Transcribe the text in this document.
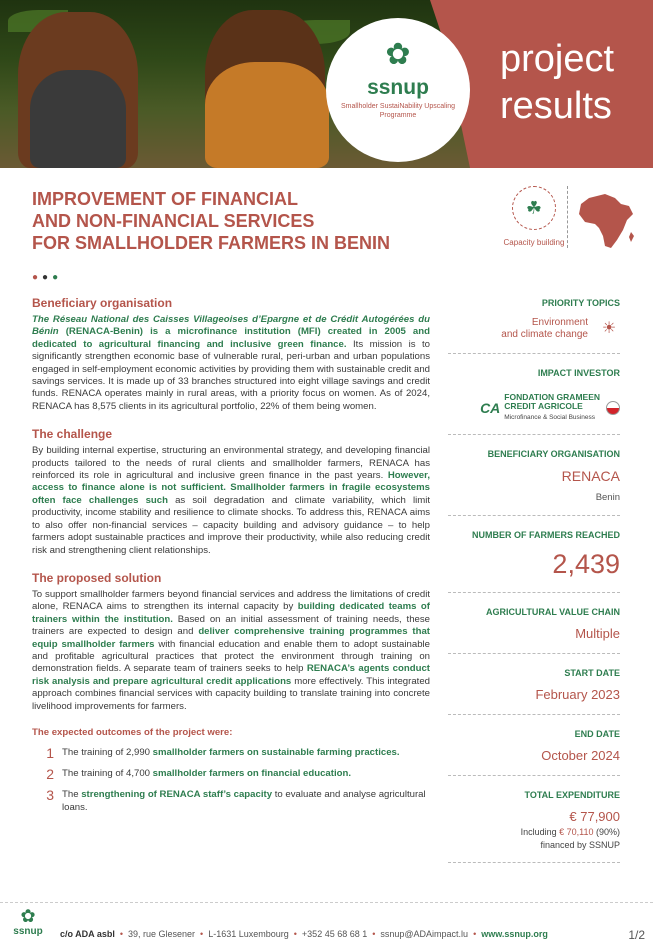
✿
ssnup
Smallholder SustaiNability Upscaling Programme
project
results
IMPROVEMENT OF FINANCIAL
AND NON-FINANCIAL SERVICES
FOR SMALLHOLDER FARMERS IN BENIN
●●●
☘
Capacity building
Beneficiary organisation
The Réseau National des Caisses Villageoises d’Epargne et de Crédit Autogérées du Bénin (RENACA-Benin) is a microfinance institution (MFI) created in 2005 and dedicated to agricultural financing and inclusive green finance. Its mission is to significantly strengthen economic base of vulnerable rural, peri-urban and urban populations engaged in self-employment economic activities by providing them with sustainable credit and savings services. It is made up of 33 branches structured into eight village savings and credit funds. RENACA operates mainly in rural areas, with a priority focus on women. As of 2024, RENACA has 8,575 clients in its agricultural portfolio, 22% of them being women.
The challenge
By building internal expertise, structuring an environmental strategy, and developing financial products tailored to the needs of rural clients and smallholder farmers, RENACA has reinforced its role in agricultural and inclusive green finance in the past years. However, access to finance alone is not sufficient. Smallholder farmers in fragile ecosystems often face challenges such as soil degradation and climate variability, which limit productivity, income stability and resilience to climate shocks. To address this, RENACA aims to also offer non-financial services – capacity building and advisory guidance – to help farmers adopt sustainable practices and improve their productivity, while also reducing credit risk and strengthening client relationships.
The proposed solution
To support smallholder farmers beyond financial services and address the limitations of credit alone, RENACA aims to strengthen its internal capacity by building dedicated teams of trainers within the institution. Based on an initial assessment of training needs, these trainers are expected to design and deliver comprehensive training programmes that equip smallholder farmers with financial education and enable them to adopt sustainable and profitable agricultural practices that protect the environment through training on demonstration fields. A separate team of trainers seeks to help RENACA’s agents conduct risk analysis and prepare agricultural credit applications more effectively. This integrated approach combines financial services with capacity building to translate training into concrete livelihood improvements for farmers.
The expected outcomes of the project were:
1 The training of 2,990 smallholder farmers on sustainable farming practices.
2 The training of 4,700 smallholder farmers on financial education.
3 The strengthening of RENACA staff’s capacity to evaluate and analyse agricultural loans.
PRIORITY TOPICS
Environment
and climate change ☀
IMPACT INVESTOR
CA
FONDATION GRAMEEN
CREDIT AGRICOLE
Microfinance & Social Business
BENEFICIARY ORGANISATION
RENACA
Benin
NUMBER OF FARMERS REACHED
2,439
AGRICULTURAL VALUE CHAIN
Multiple
START DATE
February 2023
END DATE
October 2024
TOTAL EXPENDITURE
€ 77,900
Including € 70,110 (90%)
financed by SSNUP
✿
ssnup	c/o ADA asbl • 39, rue Glesener • L-1631 Luxembourg • +352 45 68 68 1 • ssnup@ADAimpact.lu • www.ssnup.org	1/2
